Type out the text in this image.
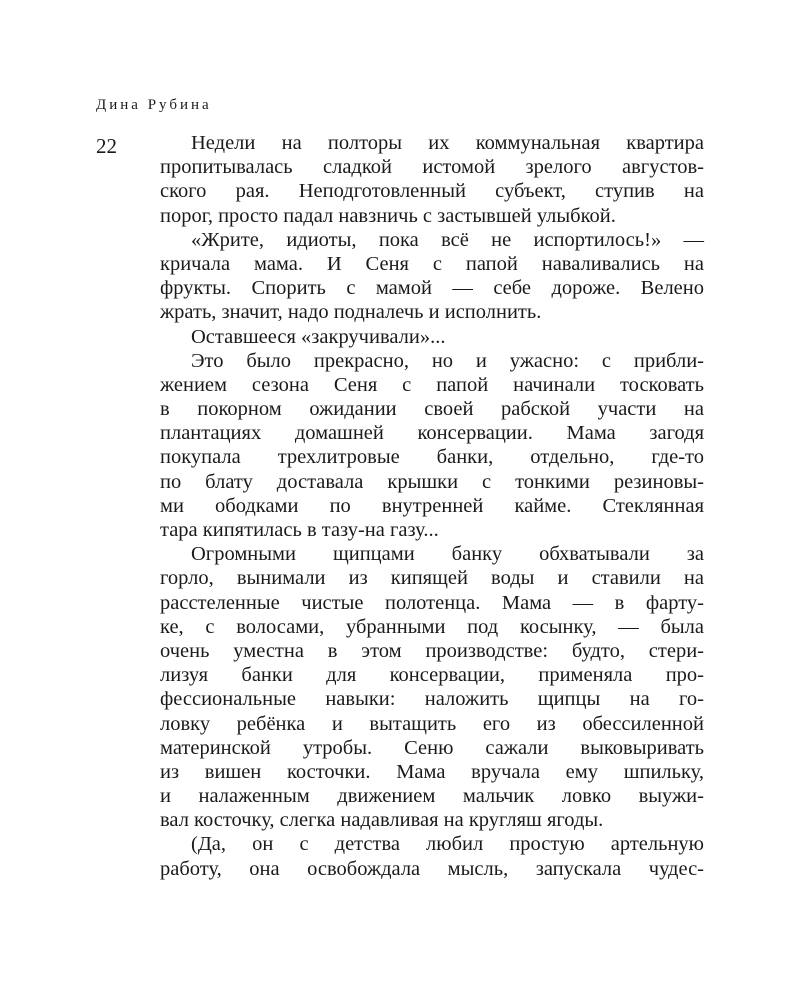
Дина Рубина
22	Недели на полторы их коммунальная квартира
пропитывалась сладкой истомой зрелого августов-
ского рая. Неподготовленный субъект, ступив на
порог, просто падал навзничь с застывшей улыбкой.
«Жрите, идиоты, пока всё не испортилось!» —
кричала мама. И Сеня с папой наваливались на
фрукты. Спорить с мамой — себе дороже. Велено
жрать, значит, надо подналечь и исполнить.
Оставшееся «закручивали»...
Это было прекрасно, но и ужасно: с прибли-
жением сезона Сеня с папой начинали тосковать
в покорном ожидании своей рабской участи на
плантациях домашней консервации. Мама загодя
покупала трехлитровые банки, отдельно, где-то
по блату доставала крышки с тонкими резиновы-
ми ободками по внутренней кайме. Стеклянная
тара кипятилась в тазу-на газу...
Огромными щипцами банку обхватывали за
горло, вынимали из кипящей воды и ставили на
расстеленные чистые полотенца. Мама — в фарту-
ке, с волосами, убранными под косынку, — была
очень уместна в этом производстве: будто, стери-
лизуя банки для консервации, применяла про-
фессиональные навыки: наложить щипцы на го-
ловку ребёнка и вытащить его из обессиленной
материнской утробы. Сеню сажали выковыривать
из вишен косточки. Мама вручала ему шпильку,
и налаженным движением мальчик ловко выужи-
вал косточку, слегка надавливая на кругляш ягоды.
(Да, он с детства любил простую артельную
работу, она освобождала мысль, запускала чудес-
